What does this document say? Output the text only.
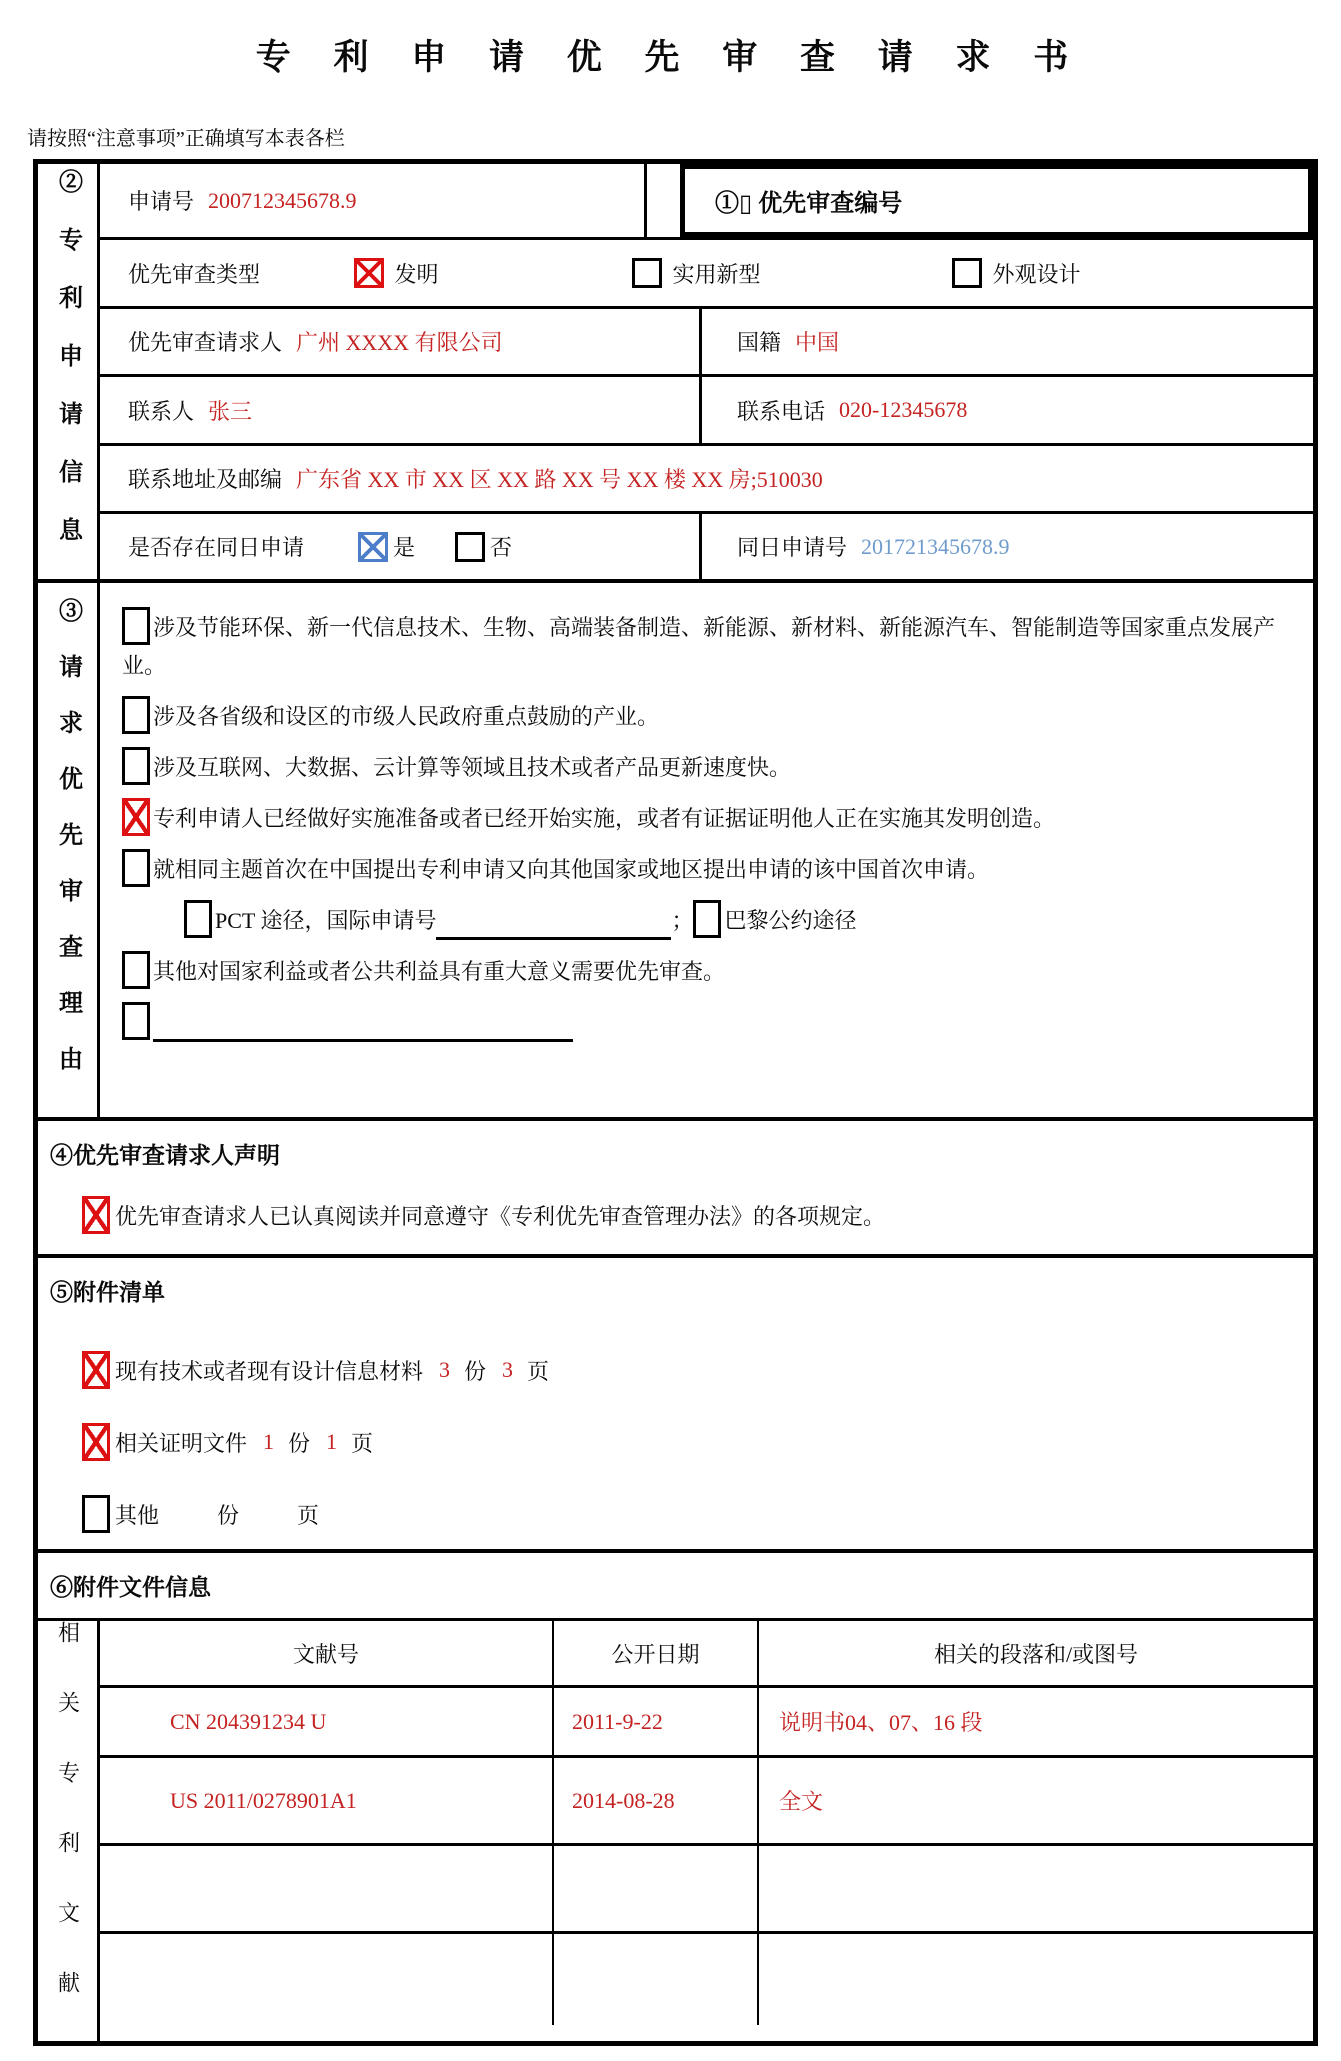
专 利 申 请 优 先 审 查 请 求 书
请按照“注意事项”正确填写本表各栏
②专利申请信息 申请号 200712345678.9	①▯ 优先审查编号
优先审查类型	发明	实用新型	外观设计
优先审查请求人 广州 XXXX 有限公司	国籍 中国
联系人 张三	联系电话 020-12345678
联系地址及邮编 广东省 XX 市 XX 区 XX 路 XX 号 XX 楼 XX 房;510030
是否存在同日申请	是	否	同日申请号 201721345678.9
③请求优先审查理由	涉及节能环保、新一代信息技术、生物、高端装备制造、新能源、新材料、新能源汽车、智能制造等国家重点发展产业。

涉及各省级和设区的市级人民政府重点鼓励的产业。

涉及互联网、大数据、云计算等领域且技术或者产品更新速度快。

专利申请人已经做好实施准备或者已经开始实施，或者有证据证明他人正在实施其发明创造。

就相同主题首次在中国提出专利申请又向其他国家或地区提出申请的该中国首次申请。

PCT 途径，国际申请号	； 巴黎公约途径

其他对国家利益或者公共利益具有重大意义需要优先审查。

④优先审查请求人声明
优先审查请求人已认真阅读并同意遵守《专利优先审查管理办法》的各项规定。
⑤附件清单
现有技术或者现有设计信息材料 3 份 3 页
相关证明文件 1 份 1 页
其他	份	页
⑥附件文件信息
相关专利文献	文献号	公开日期	相关的段落和/或图号
CN 204391234 U	2011-9-22	说明书04、07、16 段
US 2011/0278901A1	2014-08-28	全文
